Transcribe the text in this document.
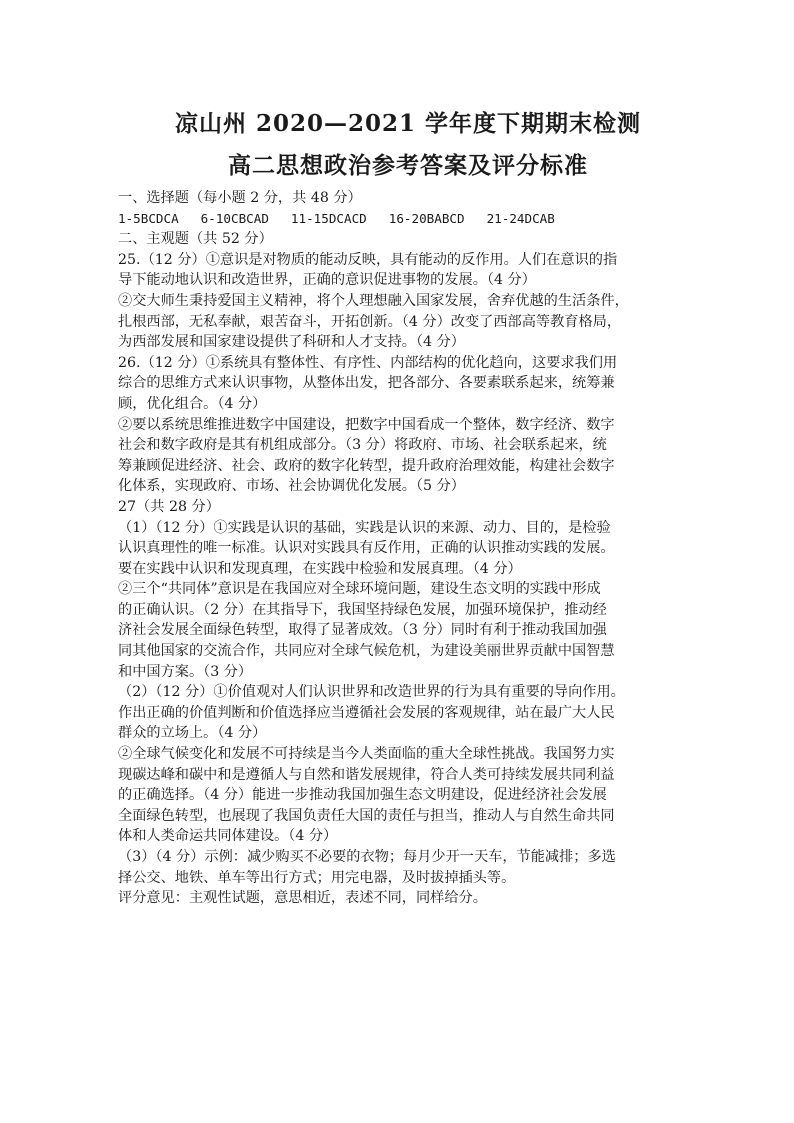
凉山州 2020—2021 学年度下期期末检测
高二思想政治参考答案及评分标准

一、选择题（每小题 2 分，共 48 分）

1-5BCDCA 6-10CBCAD 11-15DCACD 16-20BABCD 21-24DCAB

二、主观题（共 52 分）

25.（12 分）①意识是对物质的能动反映，具有能动的反作用。人们在意识的指

导下能动地认识和改造世界，正确的意识促进事物的发展。（4 分）

②交大师生秉持爱国主义精神，将个人理想融入国家发展，舍弃优越的生活条件，

扎根西部，无私奉献，艰苦奋斗，开拓创新。（4 分）改变了西部高等教育格局，

为西部发展和国家建设提供了科研和人才支持。（4 分）

26.（12 分）①系统具有整体性、有序性、内部结构的优化趋向，这要求我们用

综合的思维方式来认识事物，从整体出发，把各部分、各要素联系起来，统筹兼

顾，优化组合。（4 分）

②要以系统思维推进数字中国建设，把数字中国看成一个整体，数字经济、数字

社会和数字政府是其有机组成部分。（3 分）将政府、市场、社会联系起来，统

筹兼顾促进经济、社会、政府的数字化转型，提升政府治理效能，构建社会数字

化体系，实现政府、市场、社会协调优化发展。（5 分）

27（共 28 分）

（1）（12 分）①实践是认识的基础，实践是认识的来源、动力、目的，是检验

认识真理性的唯一标准。认识对实践具有反作用，正确的认识推动实践的发展。

要在实践中认识和发现真理，在实践中检验和发展真理。（4 分）

②三个“共同体”意识是在我国应对全球环境问题，建设生态文明的实践中形成

的正确认识。（2 分）在其指导下，我国坚持绿色发展，加强环境保护，推动经

济社会发展全面绿色转型，取得了显著成效。（3 分）同时有利于推动我国加强

同其他国家的交流合作，共同应对全球气候危机，为建设美丽世界贡献中国智慧

和中国方案。（3 分）

（2）（12 分）①价值观对人们认识世界和改造世界的行为具有重要的导向作用。

作出正确的价值判断和价值选择应当遵循社会发展的客观规律，站在最广大人民

群众的立场上。（4 分）

②全球气候变化和发展不可持续是当今人类面临的重大全球性挑战。我国努力实

现碳达峰和碳中和是遵循人与自然和谐发展规律，符合人类可持续发展共同利益

的正确选择。（4 分）能进一步推动我国加强生态文明建设，促进经济社会发展

全面绿色转型，也展现了我国负责任大国的责任与担当，推动人与自然生命共同

体和人类命运共同体建设。（4 分）

（3）（4 分）示例：减少购买不必要的衣物；每月少开一天车，节能减排；多选

择公交、地铁、单车等出行方式；用完电器，及时拔掉插头等。

评分意见：主观性试题，意思相近，表述不同，同样给分。
